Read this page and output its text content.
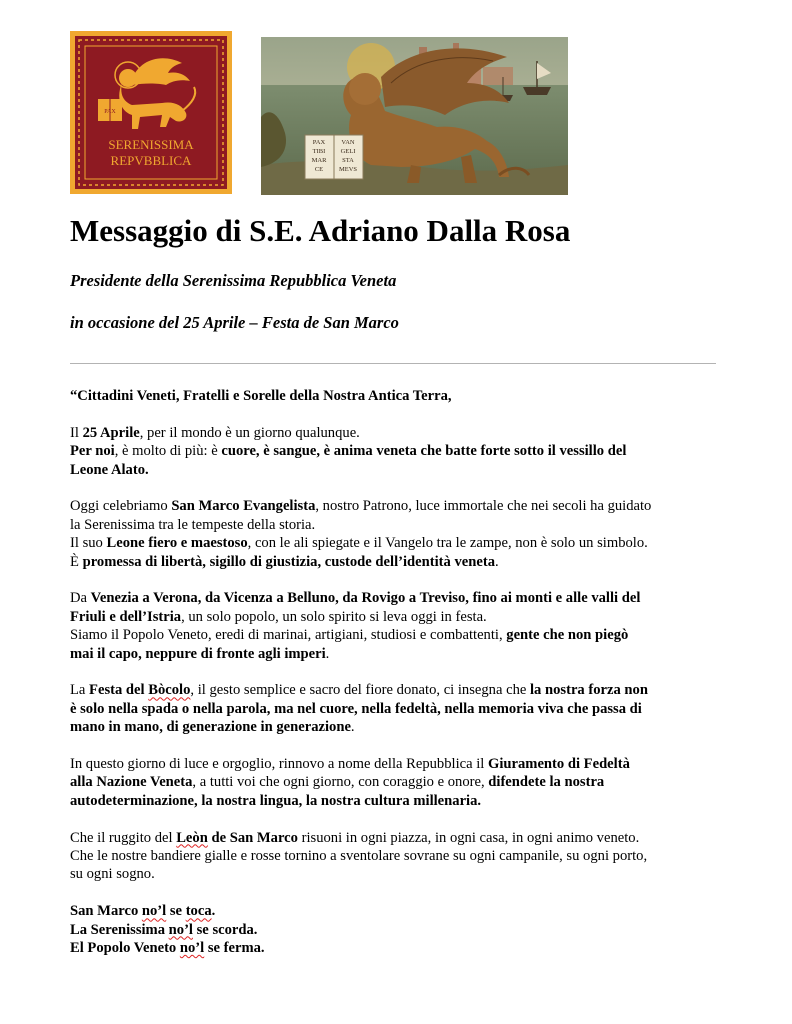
PAX
SERENISSIMA
REPVBBLICA
PAX
TIBI
MAR
CE
VAN
GELI
STA
MEVS
Messaggio di S.E. Adriano Dalla Rosa

Presidente della Serenissima Repubblica Veneta

in occasione del 25 Aprile – Festa de San Marco

“Cittadini Veneti, Fratelli e Sorelle della Nostra Antica Terra,

Il 25 Aprile, per il mondo è un giorno qualunque.
Per noi, è molto di più: è cuore, è sangue, è anima veneta che batte forte sotto il vessillo del
Leone Alato.

Oggi celebriamo San Marco Evangelista, nostro Patrono, luce immortale che nei secoli ha guidato
la Serenissima tra le tempeste della storia.
Il suo Leone fiero e maestoso, con le ali spiegate e il Vangelo tra le zampe, non è solo un simbolo.
È promessa di libertà, sigillo di giustizia, custode dell’identità veneta.

Da Venezia a Verona, da Vicenza a Belluno, da Rovigo a Treviso, fino ai monti e alle valli del
Friuli e dell’Istria, un solo popolo, un solo spirito si leva oggi in festa.
Siamo il Popolo Veneto, eredi di marinai, artigiani, studiosi e combattenti, gente che non piegò
mai il capo, neppure di fronte agli imperi.

La Festa del Bòcolo, il gesto semplice e sacro del fiore donato, ci insegna che la nostra forza non
è solo nella spada o nella parola, ma nel cuore, nella fedeltà, nella memoria viva che passa di
mano in mano, di generazione in generazione.

In questo giorno di luce e orgoglio, rinnovo a nome della Repubblica il Giuramento di Fedeltà
alla Nazione Veneta, a tutti voi che ogni giorno, con coraggio e onore, difendete la nostra
autodeterminazione, la nostra lingua, la nostra cultura millenaria.

Che il ruggito del Leòn de San Marco risuoni in ogni piazza, in ogni casa, in ogni animo veneto.
Che le nostre bandiere gialle e rosse tornino a sventolare sovrane su ogni campanile, su ogni porto,
su ogni sogno.

San Marco no’l se toca.
La Serenissima no’l se scorda.
El Popolo Veneto no’l se ferma.
